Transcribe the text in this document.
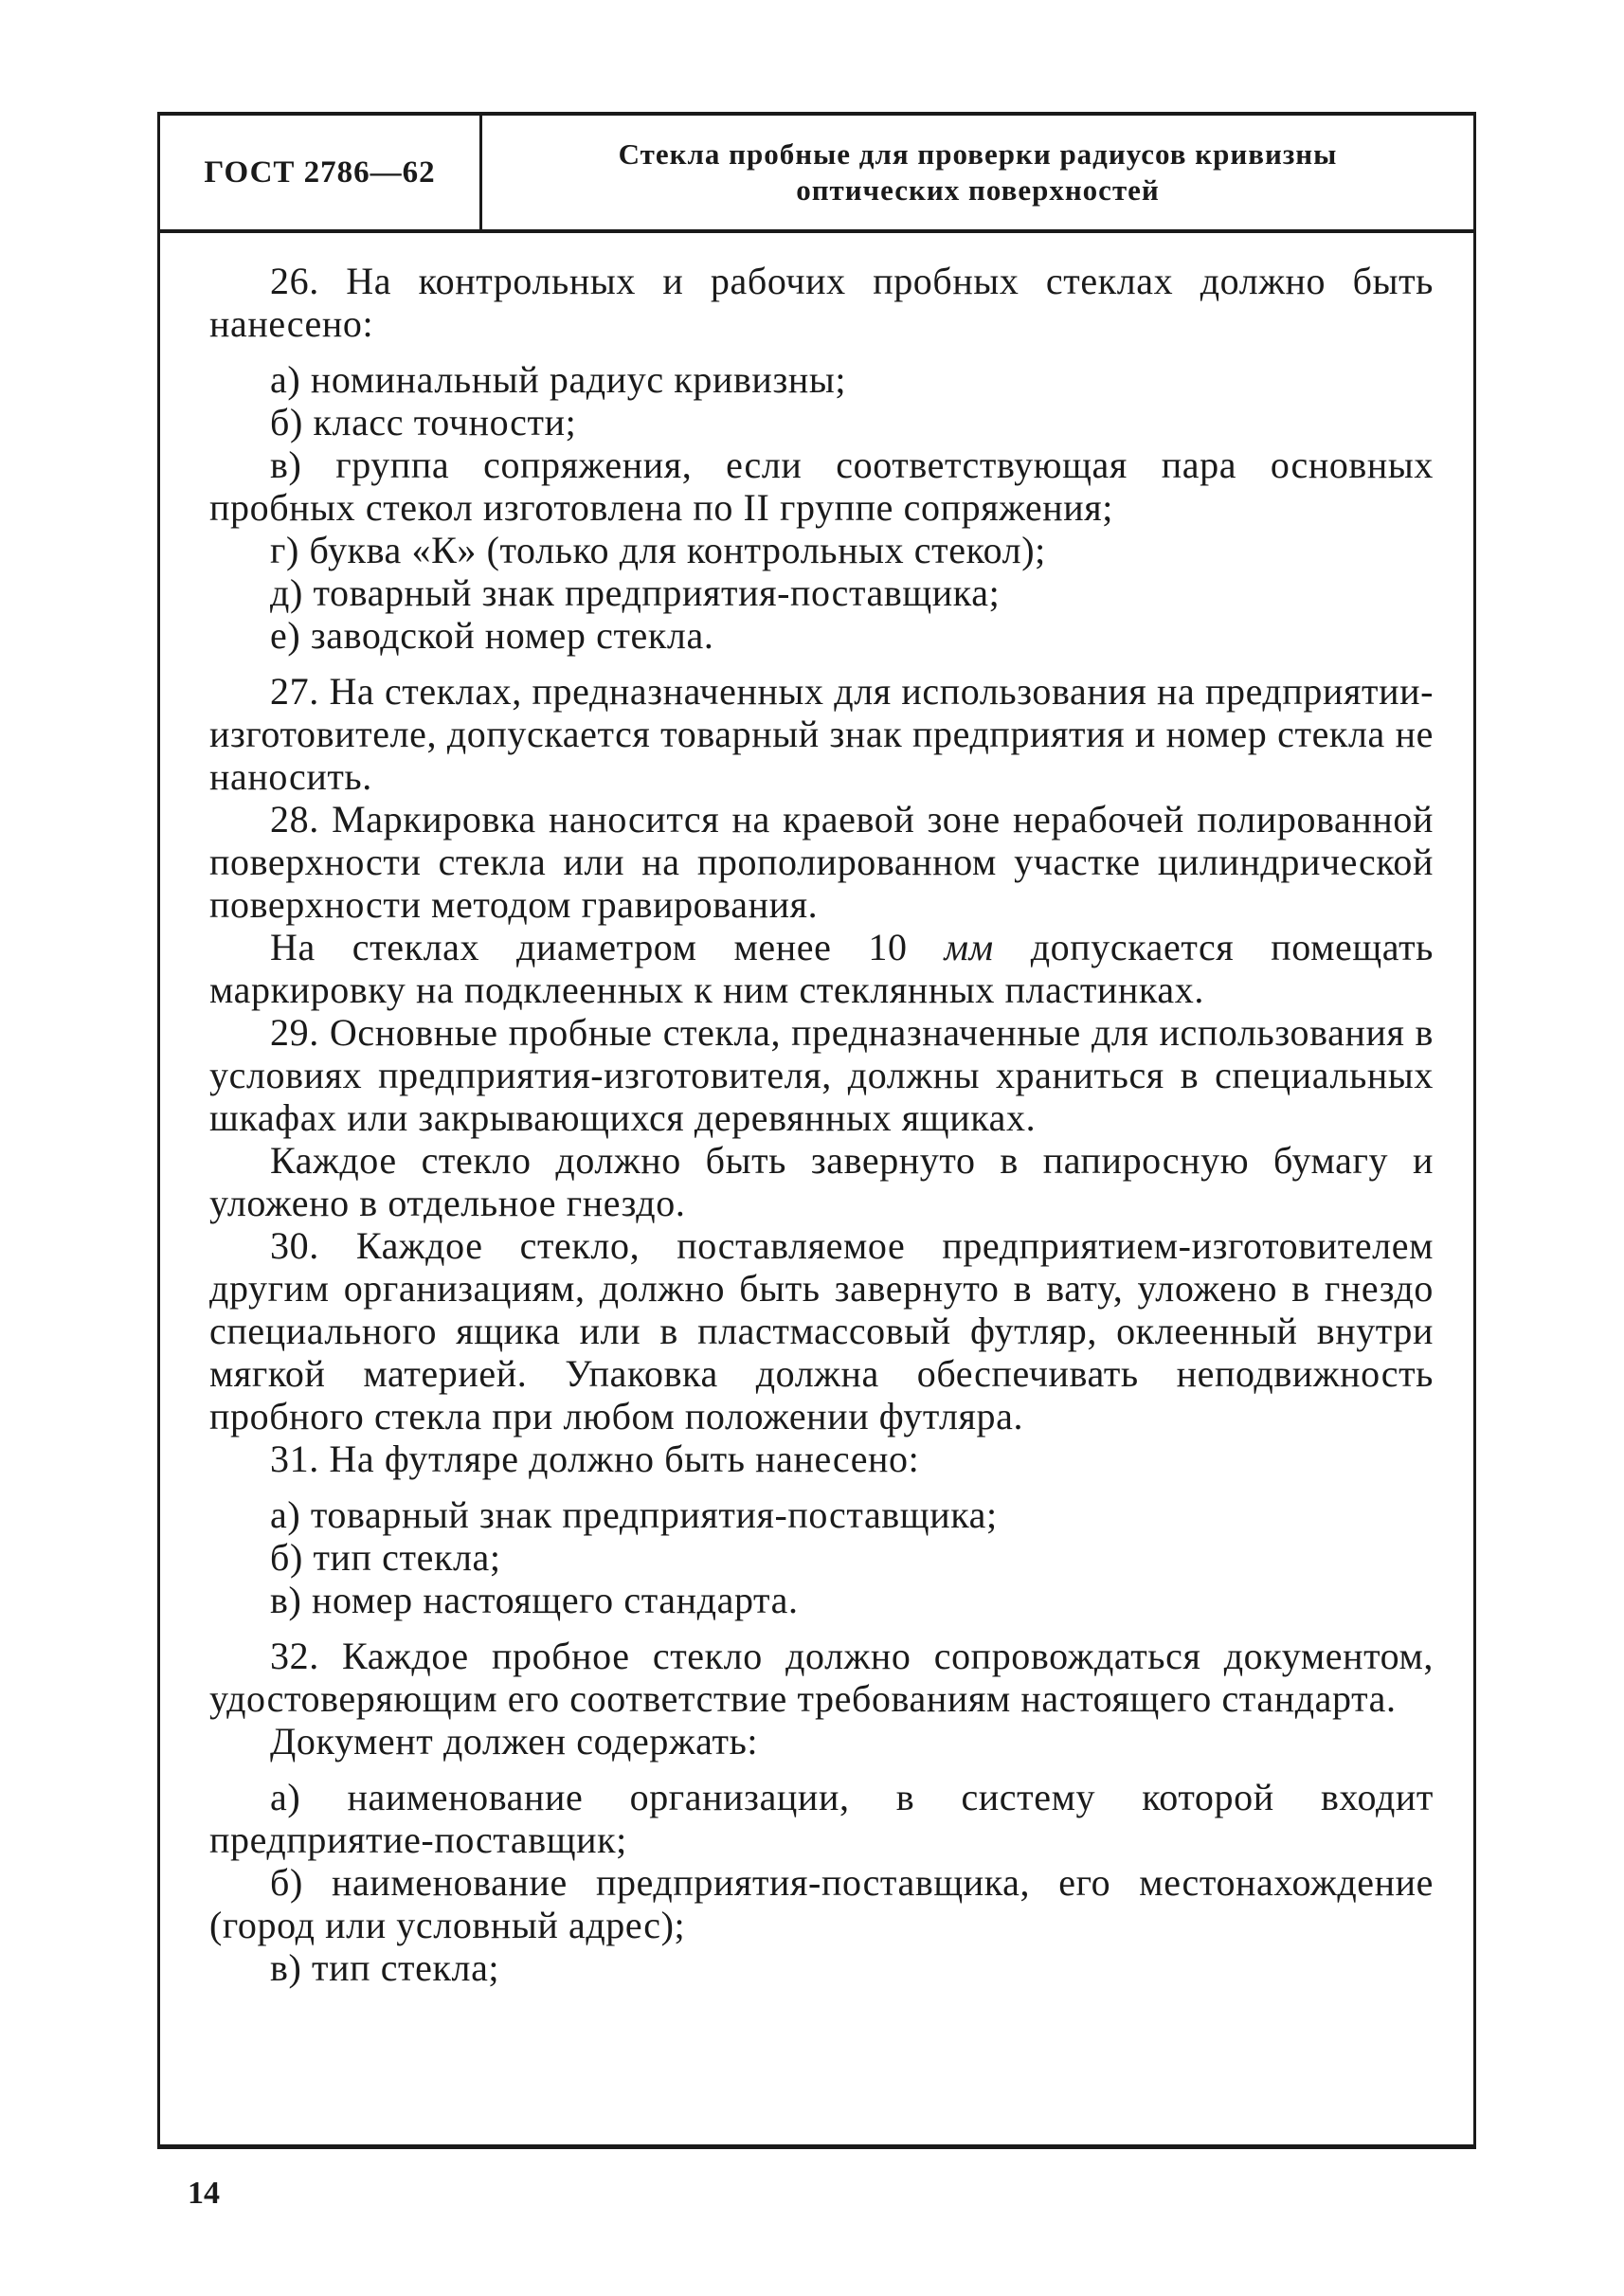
ГОСТ 2786—62
Стекла пробные для проверки радиусов кривизны
оптических поверхностей

26. На контрольных и рабочих пробных стеклах должно быть нанесено:

а) номинальный радиус кривизны;

б) класс точности;

в) группа сопряжения, если соответствующая пара основных пробных стекол изготовлена по II группе сопряжения;

г) буква «К» (только для контрольных стекол);

д) товарный знак предприятия-поставщика;

е) заводской номер стекла.

27. На стеклах, предназначенных для использования на предприятии-изготовителе, допускается товарный знак предприятия и номер стекла не наносить.

28. Маркировка наносится на краевой зоне нерабочей полированной поверхности стекла или на прополированном участке цилиндрической поверхности методом гравирования.

На стеклах диаметром менее 10 мм допускается помещать маркировку на подклеенных к ним стеклянных пластинках.

29. Основные пробные стекла, предназначенные для использования в условиях предприятия-изготовителя, должны храниться в специальных шкафах или закрывающихся деревянных ящиках.

Каждое стекло должно быть завернуто в папиросную бумагу и уложено в отдельное гнездо.

30. Каждое стекло, поставляемое предприятием-изготовителем другим организациям, должно быть завернуто в вату, уложено в гнездо специального ящика или в пластмассовый футляр, оклеенный внутри мягкой материей. Упаковка должна обеспечивать неподвижность пробного стекла при любом положении футляра.

31. На футляре должно быть нанесено:

а) товарный знак предприятия-поставщика;

б) тип стекла;

в) номер настоящего стандарта.

32. Каждое пробное стекло должно сопровождаться документом, удостоверяющим его соответствие требованиям настоящего стандарта.

Документ должен содержать:

а) наименование организации, в систему которой входит предприятие-поставщик;

б) наименование предприятия-поставщика, его местонахождение (город или условный адрес);

в) тип стекла;

14
